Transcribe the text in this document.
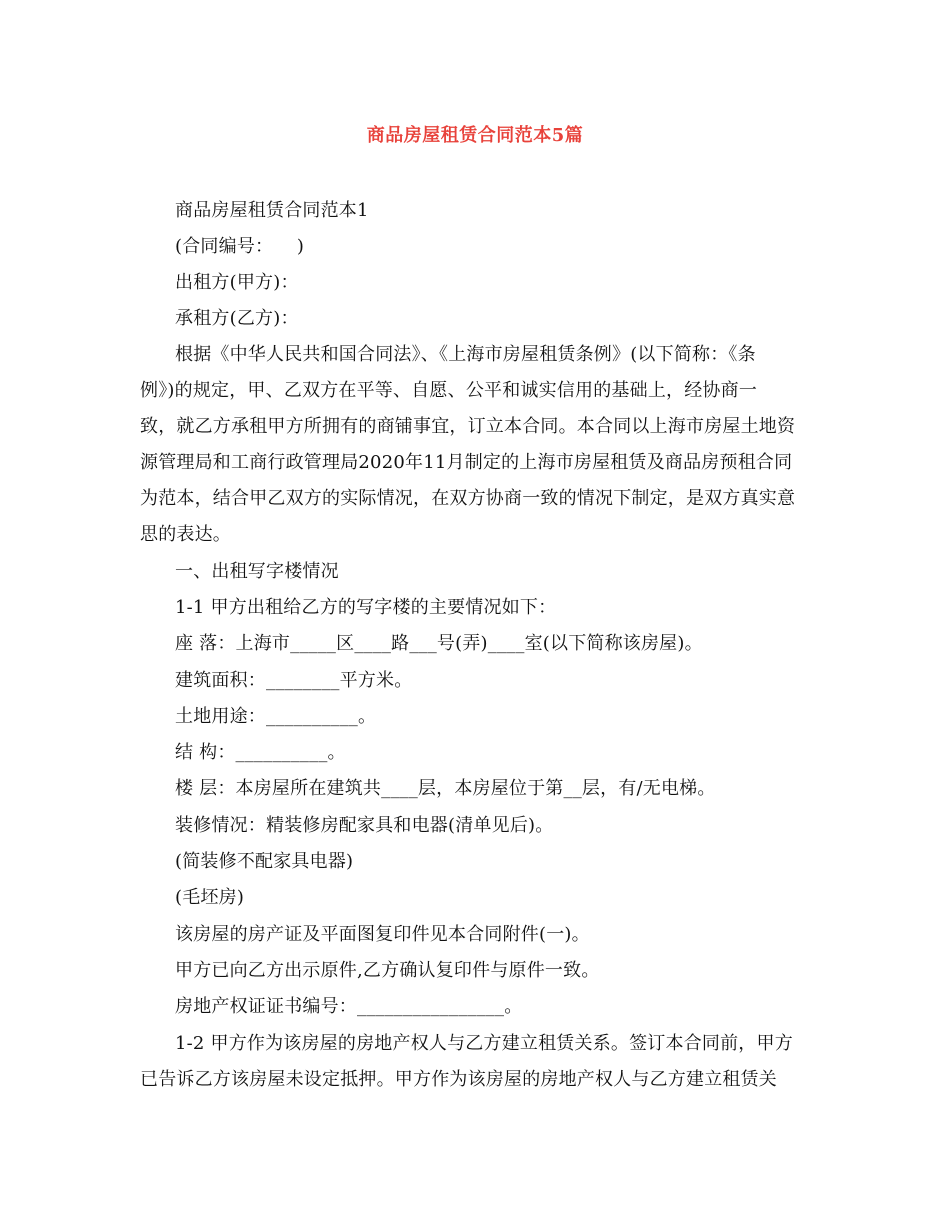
商品房屋租赁合同范本5篇
商品房屋租赁合同范本1
(合同编号：    )
出租方(甲方)：
承租方(乙方)：
根据《中华人民共和国合同法》、《上海市房屋租赁条例》(以下简称：《条
例》)的规定，甲、乙双方在平等、自愿、公平和诚实信用的基础上，经协商一
致，就乙方承租甲方所拥有的商铺事宜，订立本合同。本合同以上海市房屋土地资
源管理局和工商行政管理局2020年11月制定的上海市房屋租赁及商品房预租合同
为范本，结合甲乙双方的实际情况，在双方协商一致的情况下制定，是双方真实意
思的表达。
一、出租写字楼情况
1-1 甲方出租给乙方的写字楼的主要情况如下：
座 落：上海市_____区____路___号(弄)____室(以下简称该房屋)。
建筑面积：________平方米。
土地用途：__________。
结 构：__________。
楼 层：本房屋所在建筑共____层，本房屋位于第__层，有/无电梯。
装修情况：精装修房配家具和电器(清单见后)。
(简装修不配家具电器)
(毛坯房)
该房屋的房产证及平面图复印件见本合同附件(一)。
甲方已向乙方出示原件,乙方确认复印件与原件一致。
房地产权证证书编号：________________。
1-2 甲方作为该房屋的房地产权人与乙方建立租赁关系。签订本合同前，甲方
已告诉乙方该房屋未设定抵押。甲方作为该房屋的房地产权人与乙方建立租赁关
